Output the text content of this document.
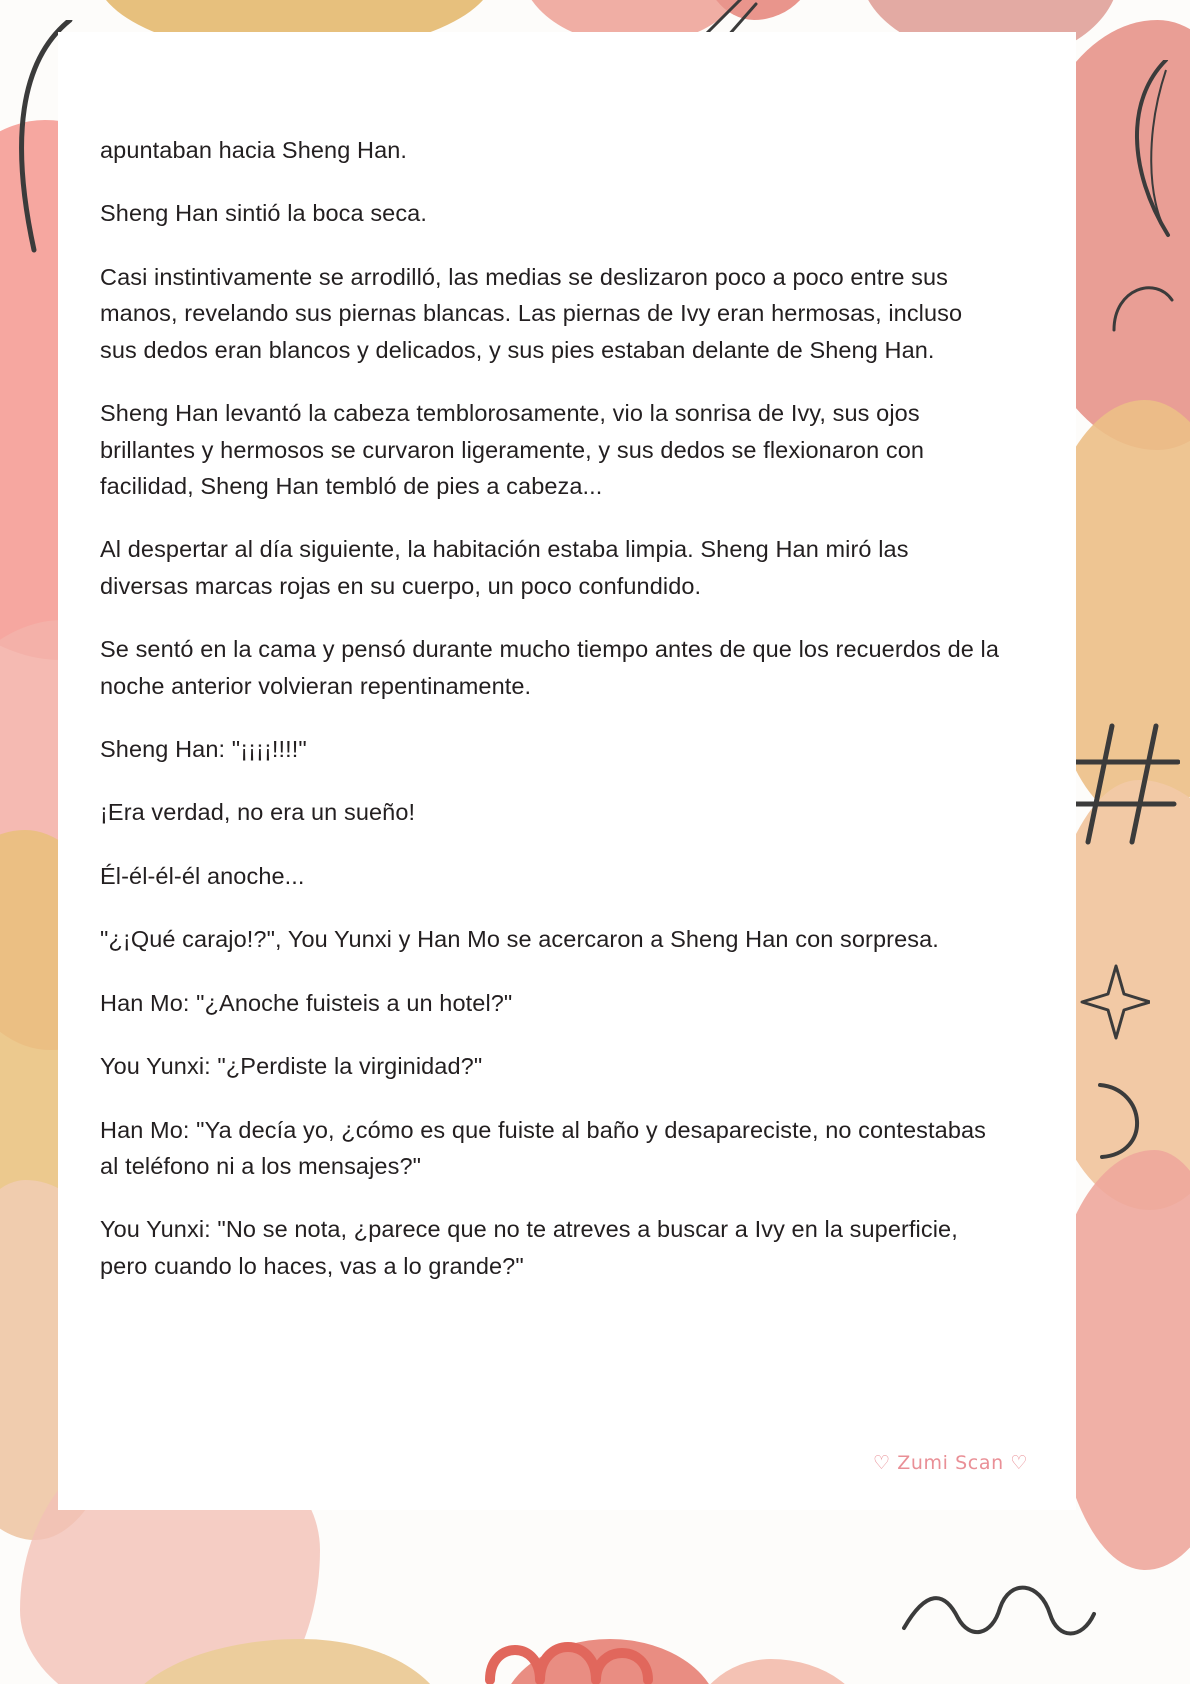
apuntaban hacia Sheng Han.

Sheng Han sintió la boca seca.

Casi instintivamente se arrodilló, las medias se deslizaron poco a poco entre sus manos, revelando sus piernas blancas. Las piernas de Ivy eran hermosas, incluso sus dedos eran blancos y delicados, y sus pies estaban delante de Sheng Han.

Sheng Han levantó la cabeza temblorosamente, vio la sonrisa de Ivy, sus ojos brillantes y hermosos se curvaron ligeramente, y sus dedos se flexionaron con facilidad, Sheng Han tembló de pies a cabeza...

Al despertar al día siguiente, la habitación estaba limpia. Sheng Han miró las diversas marcas rojas en su cuerpo, un poco confundido.

Se sentó en la cama y pensó durante mucho tiempo antes de que los recuerdos de la noche anterior volvieran repentinamente.

Sheng Han: "¡¡¡¡!!!!"

¡Era verdad, no era un sueño!

Él-él-él-él anoche...

"¿¡Qué carajo!?", You Yunxi y Han Mo se acercaron a Sheng Han con sorpresa.

Han Mo: "¿Anoche fuisteis a un hotel?"

You Yunxi: "¿Perdiste la virginidad?"

Han Mo: "Ya decía yo, ¿cómo es que fuiste al baño y desapareciste, no contestabas al teléfono ni a los mensajes?"

You Yunxi: "No se nota, ¿parece que no te atreves a buscar a Ivy en la superficie, pero cuando lo haces, vas a lo grande?"

♡ Zumi Scan ♡
